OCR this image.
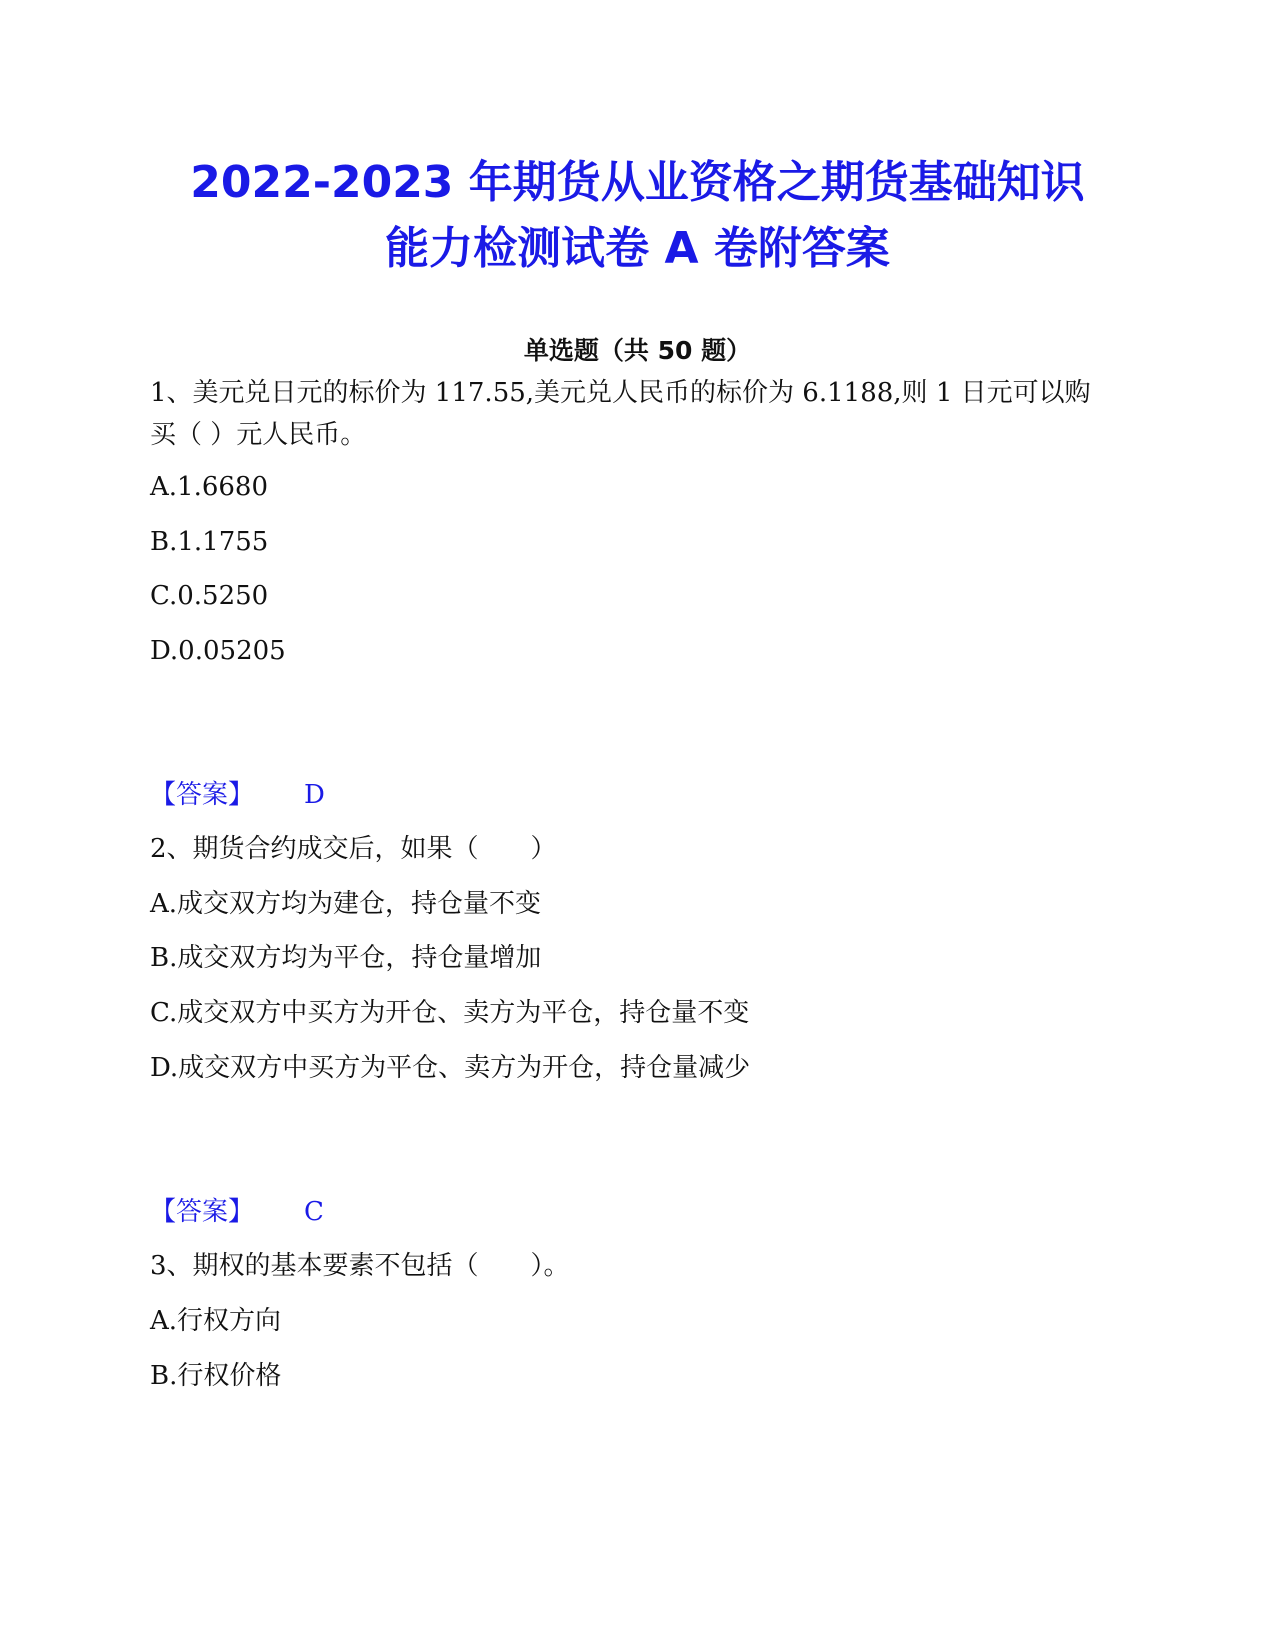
2022-2023 年期货从业资格之期货基础知识
能力检测试卷 A 卷附答案
单选题（共 50 题）
1、美元兑日元的标价为 117.55,美元兑人民币的标价为 6.1188,则 1 日元可以购买（ ）元人民币。
A.1.6680
B.1.1755
C.0.5250
D.0.05205
【答案】 D
2、期货合约成交后，如果（　　）
A.成交双方均为建仓，持仓量不变
B.成交双方均为平仓，持仓量增加
C.成交双方中买方为开仓、卖方为平仓，持仓量不变
D.成交双方中买方为平仓、卖方为开仓，持仓量减少
【答案】 C
3、期权的基本要素不包括（　　）。
A.行权方向
B.行权价格
